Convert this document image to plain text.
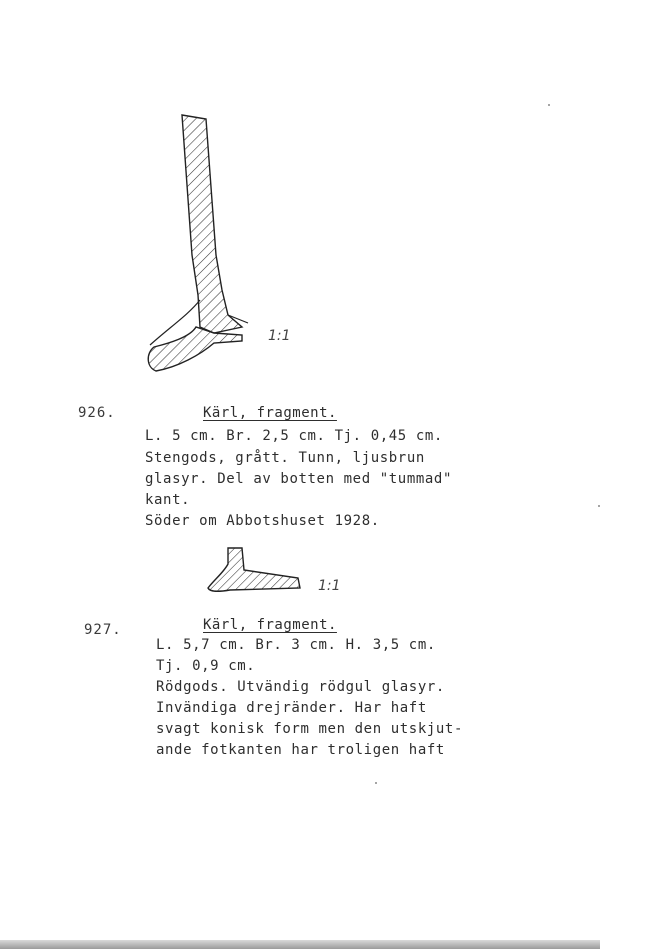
1:1
926.	Kärl, fragment.
L. 5 cm. Br. 2,5 cm. Tj. 0,45 cm.
Stengods, grått. Tunn, ljusbrun
glasyr. Del av botten med "tummad"
kant.
Söder om Abbotshuset 1928.
1:1
927.	Kärl, fragment.
L. 5,7 cm. Br. 3 cm. H. 3,5 cm.
Tj. 0,9 cm.
Rödgods. Utvändig rödgul glasyr.
Invändiga drejränder. Har haft
svagt konisk form men den utskjut-
ande fotkanten har troligen haft
